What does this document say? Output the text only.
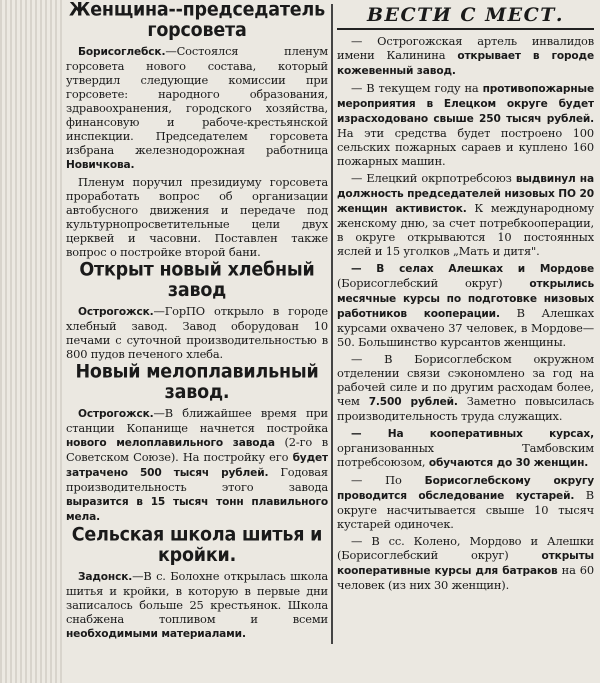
Женщина--председатель горсовета

Борисоглебск.—Состоялся пленум горсовета нового состава, который утвердил следующие комиссии при горсовете: народного образования, здравоохранения, городского хозяйства, финансовую и рабоче-крестьянской инспекции. Председателем горсовета избрана железнодорожная работница Новичкова.

Пленум поручил президиуму горсовета проработать вопрос об организации автобусного движения и передаче под культурнопросветительные цели двух церквей и часовни. Поставлен также вопрос о постройке второй бани.

Открыт новый хлебный завод

Острогожск.—ГорПО открыло в городе хлебный завод. Завод оборудован 10 печами с суточной производительностью в 800 пудов печеного хлеба.

Новый мелоплавильный завод.

Острогожск.—В ближайшее время при станции Копанище начнется постройка нового мелоплавильного завода (2-го в Советском Союзе). На постройку его будет затрачено 500 тысяч рублей. Годовая производительность этого завода выразится в 15 тысяч тонн плавильного мела.

Сельская школа шитья и кройки.

Задонск.—В с. Болохне открылась школа шитья и кройки, в которую в первые дни записалось больше 25 крестьянок. Школа снабжена топливом и всеми необходимыми материалами.

ВЕСТИ С МЕСТ.

— Острогожская артель инвалидов имени Калинина открывает в городе кожевенный завод.

— В текущем году на противопожарные мероприятия в Елецком округе будет израсходовано свыше 250 тысяч рублей. На эти средства будет построено 100 сельских пожарных сараев и куплено 160 пожарных машин.

— Елецкий окрпотребсоюз выдвинул на должность председателей низовых ПО 20 женщин активисток. К международному женскому дню, за счет потребкооперации, в округе открываются 10 постоянных яслей и 15 уголков „Мать и дитя".

— В селах Алешках и Мордове (Борисоглебский округ)	открылись месячные курсы по подготовке низовых работников кооперации. В Алешках курсами охвачено 37 человек, в Мордове—50. Большинство курсантов женщины.

— В Борисоглебском окружном отделении связи сэкономлено за год на рабочей силе и по другим расходам более, чем 7.500 рублей. Заметно повысилась производительность труда служащих.

— На кооперативных курсах, организованных Тамбовским потребсоюзом, обучаются до 30 женщин.

— По Борисоглебскому округу проводится обследование кустарей. В округе насчитывается свыше 10 тысяч кустарей одиночек.

— В сс. Колено, Мордово и Алешки (Борисоглебский округ)	открыты кооперативные курсы для батраков на 60 человек (из них 30 женщин).
